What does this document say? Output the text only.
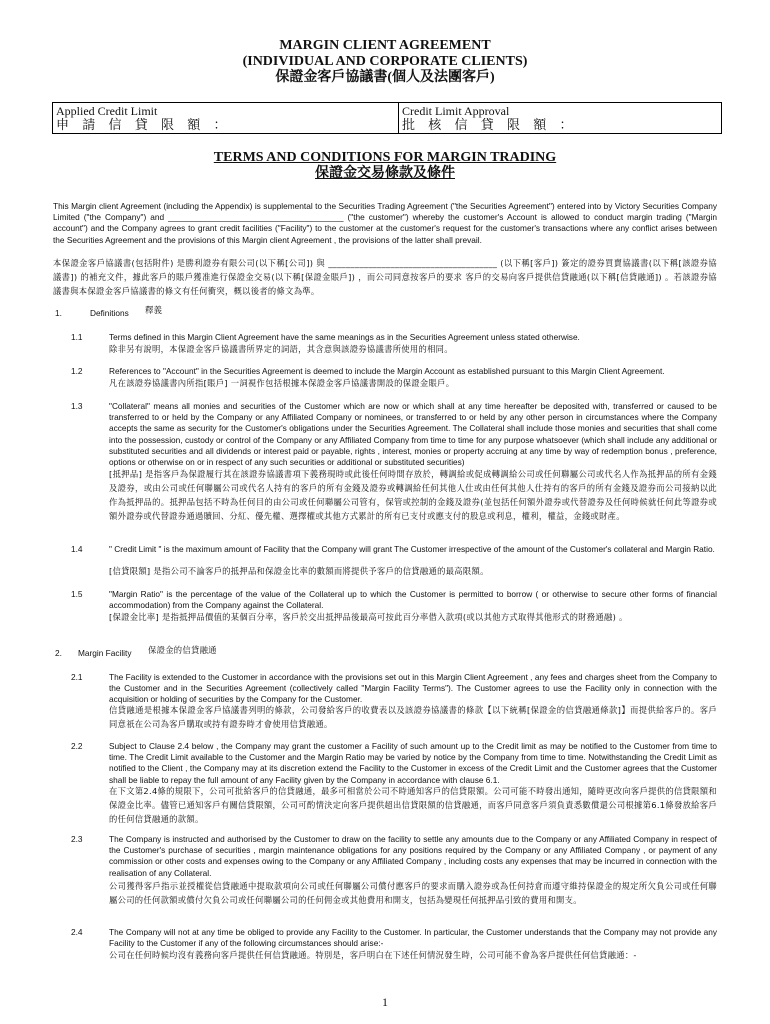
MARGIN CLIENT AGREEMENT
(INDIVIDUAL AND CORPORATE CLIENTS)
保證金客戶協議書(個人及法團客戶)
Applied Credit Limit
申 請 信 貸 限 額 ：
Credit Limit Approval
批 核 信 貸 限 額 ：
TERMS AND CONDITIONS FOR MARGIN TRADING
保證金交易條款及條件
This Margin client Agreement (including the Appendix) is supplemental to the Securities Trading Agreement ("the Securities Agreement") entered into by Victory Securities Company Limited ("the Company") and ______________________________________ ("the customer") whereby the customer's Account is allowed to conduct margin trading ("Margin account") and the Company agrees to grant credit facilities ("Facility") to the customer at the customer's request for the customer's transactions where any conflict arises between the Securities Agreement and the provisions of this Margin client Agreement , the provisions of the latter shall prevail.
本保證金客戶協議書(包括附件) 是勝利證券有限公司(以下稱[公司]) 與 ______________________________________ (以下稱[客戶]) 簽定的證券買賣協議書(以下稱[該證券協議書]) 的補充文件，據此客戶的賬戶獲准進行保證金交易(以下稱[保證金賬戶]) ，而公司同意按客戶的要求 客戶的交易向客戶提供信貸融通(以下稱[信貸融通]) 。若該證券協議書與本保證金客戶協議書的條文有任何衝突，概以後者的條文為準。
1.	Definitions 釋義
1.1	Terms defined in this Margin Client Agreement have the same meanings as in the Securities Agreement unless stated otherwise.
除非另有說明，本保證金客戶協議書所界定的詞語，其含意與該證券協議書所使用的相同。
1.2	References to "Account" in the Securities Agreement is deemed to include the Margin Account as established pursuant to this Margin Client Agreement.
凡在該證券協議書內所指[賬戶] 一詞視作包括根據本保證金客戶協議書開設的保證金賬戶。
1.3	"Collateral" means all monies and securities of the Customer which are now or which shall at any time hereafter be deposited with, transferred or caused to be transferred to or held by the Company or any Affiliated Company or nominees, or transferred to or held by any other person in circumstances where the Company accepts the same as security for the Customer's obligations under the Securities Agreement. The Collateral shall include those monies and securities that shall come into the possession, custody or control of the Company or any Affiliated Company from time to time for any purpose whatsoever (which shall include any additional or substituted securities and all dividends or interest paid or payable, rights , interest, monies or property accruing at any time by way of redemption bonus , preference, options or otherwise on or in respect of any such securities or additional or substituted securities)
[抵押品] 是指客戶為保證履行其在該證券協議書項下義務現時或此後任何時間存放於，轉調給或促成轉調給公司或任何聯屬公司或代名人作為抵押品的所有金錢及證券，或由公司或任何聯屬公司或代名人持有的客戶的所有金錢及證券或轉調給任何其他人仕或由任何其他人仕持有的客戶的所有金錢及證券而公司接納以此作為抵押品的。抵押品包括不時為任何目的由公司或任何聯屬公司管有，保管或控制的金錢及證券(並包括任何額外證券或代替證券及任何時候就任何此等證券或額外證券或代替證券通過贖回、分紅、優先權、選擇權或其他方式累計的所有已支付或應支付的股息或利息，權利，權益，金錢或財產。
1.4	" Credit Limit " is the maximum amount of Facility that the Company will grant The Customer irrespective of the amount of the Customer's collateral and Margin Ratio.
[信貸限額] 是指公司不論客戶的抵押品和保證金比率的數額而將提供予客戶的信貸融通的最高限額。
1.5	"Margin Ratio" is the percentage of the value of the Collateral up to which the Customer is permitted to borrow ( or otherwise to secure other forms of financial accommodation) from the Company against the Collateral.
[保證金比率] 是指抵押品價值的某個百分率，客戶於交出抵押品後最高可按此百分率借入款項(或以其他方式取得其他形式的財務通融) 。
2. Margin Facility 保證金的信貸融通
2.1	The Facility is extended to the Customer in accordance with the provisions set out in this Margin Client Agreement , any fees and charges sheet from the Company to the Customer and in the Securities Agreement (collectively called "Margin Facility Terms"). The Customer agrees to use the Facility only in connection with the acquisition or holding of securities by the Company for the Customer.
信貸融通是根據本保證金客戶協議書列明的條款，公司發給客戶的收費表以及該證券協議書的條款【以下統稱[保證金的信貸融通條款]】而提供給客戶的。客戶同意祇在公司為客戶購取或持有證券時才會使用信貸融通。
2.2	Subject to Clause 2.4 below , the Company may grant the customer a Facility of such amount up to the Credit limit as may be notified to the Customer from time to time. The Credit Limit available to the Customer and the Margin Ratio may be varied by notice by the Company from time to time. Notwithstanding the Credit Limit as notified to the Client , the Company may at its discretion extend the Facility to the Customer in excess of the Credit Limit and the Customer agrees that the Customer shall be liable to repay the full amount of any Facility given by the Company in accordance with clause 6.1.
在下文第2.4條的規限下，公司可批給客戶的信貸融通，最多可相當於公司不時通知客戶的信貸限額。公司可能不時發出通知，隨時更改向客戶提供的信貸限額和保證金比率。儘管已通知客戶有關信貸限額，公司可酌情決定向客戶提供超出信貸限額的信貸融通，而客戶同意客戶須負責悉數償還公司根據第6.1條發放給客戶的任何信貸融通的款額。
2.3	The Company is instructed and authorised by the Customer to draw on the facility to settle any amounts due to the Company or any Affiliated Company in respect of the Customer's purchase of securities , margin maintenance obligations for any positions required by the Company or any Affiliated Company , or payment of any commission or other costs and expenses owing to the Company or any Affiliated Company , including costs any expenses that may be incurred in connection with the realisation of any Collateral.
公司獲得客戶指示並授權從信貸融通中提取款項向公司或任何聯屬公司償付應客戶的要求而購入證券或為任何持倉而遵守維持保證金的規定所欠負公司或任何聯屬公司的任何款額或償付欠負公司或任何聯屬公司的任何佣金或其他費用和開支，包括為變現任何抵押品引致的費用和開支。
2.4	The Company will not at any time be obliged to provide any Facility to the Customer. In particular, the Customer understands that the Company may not provide any Facility to the Customer if any of the following circumstances should arise:-
公司在任何時候均沒有義務向客戶提供任何信貸融通。特別是，客戶明白在下述任何情況發生時，公司可能不會為客戶提供任何信貸融通：-
1
